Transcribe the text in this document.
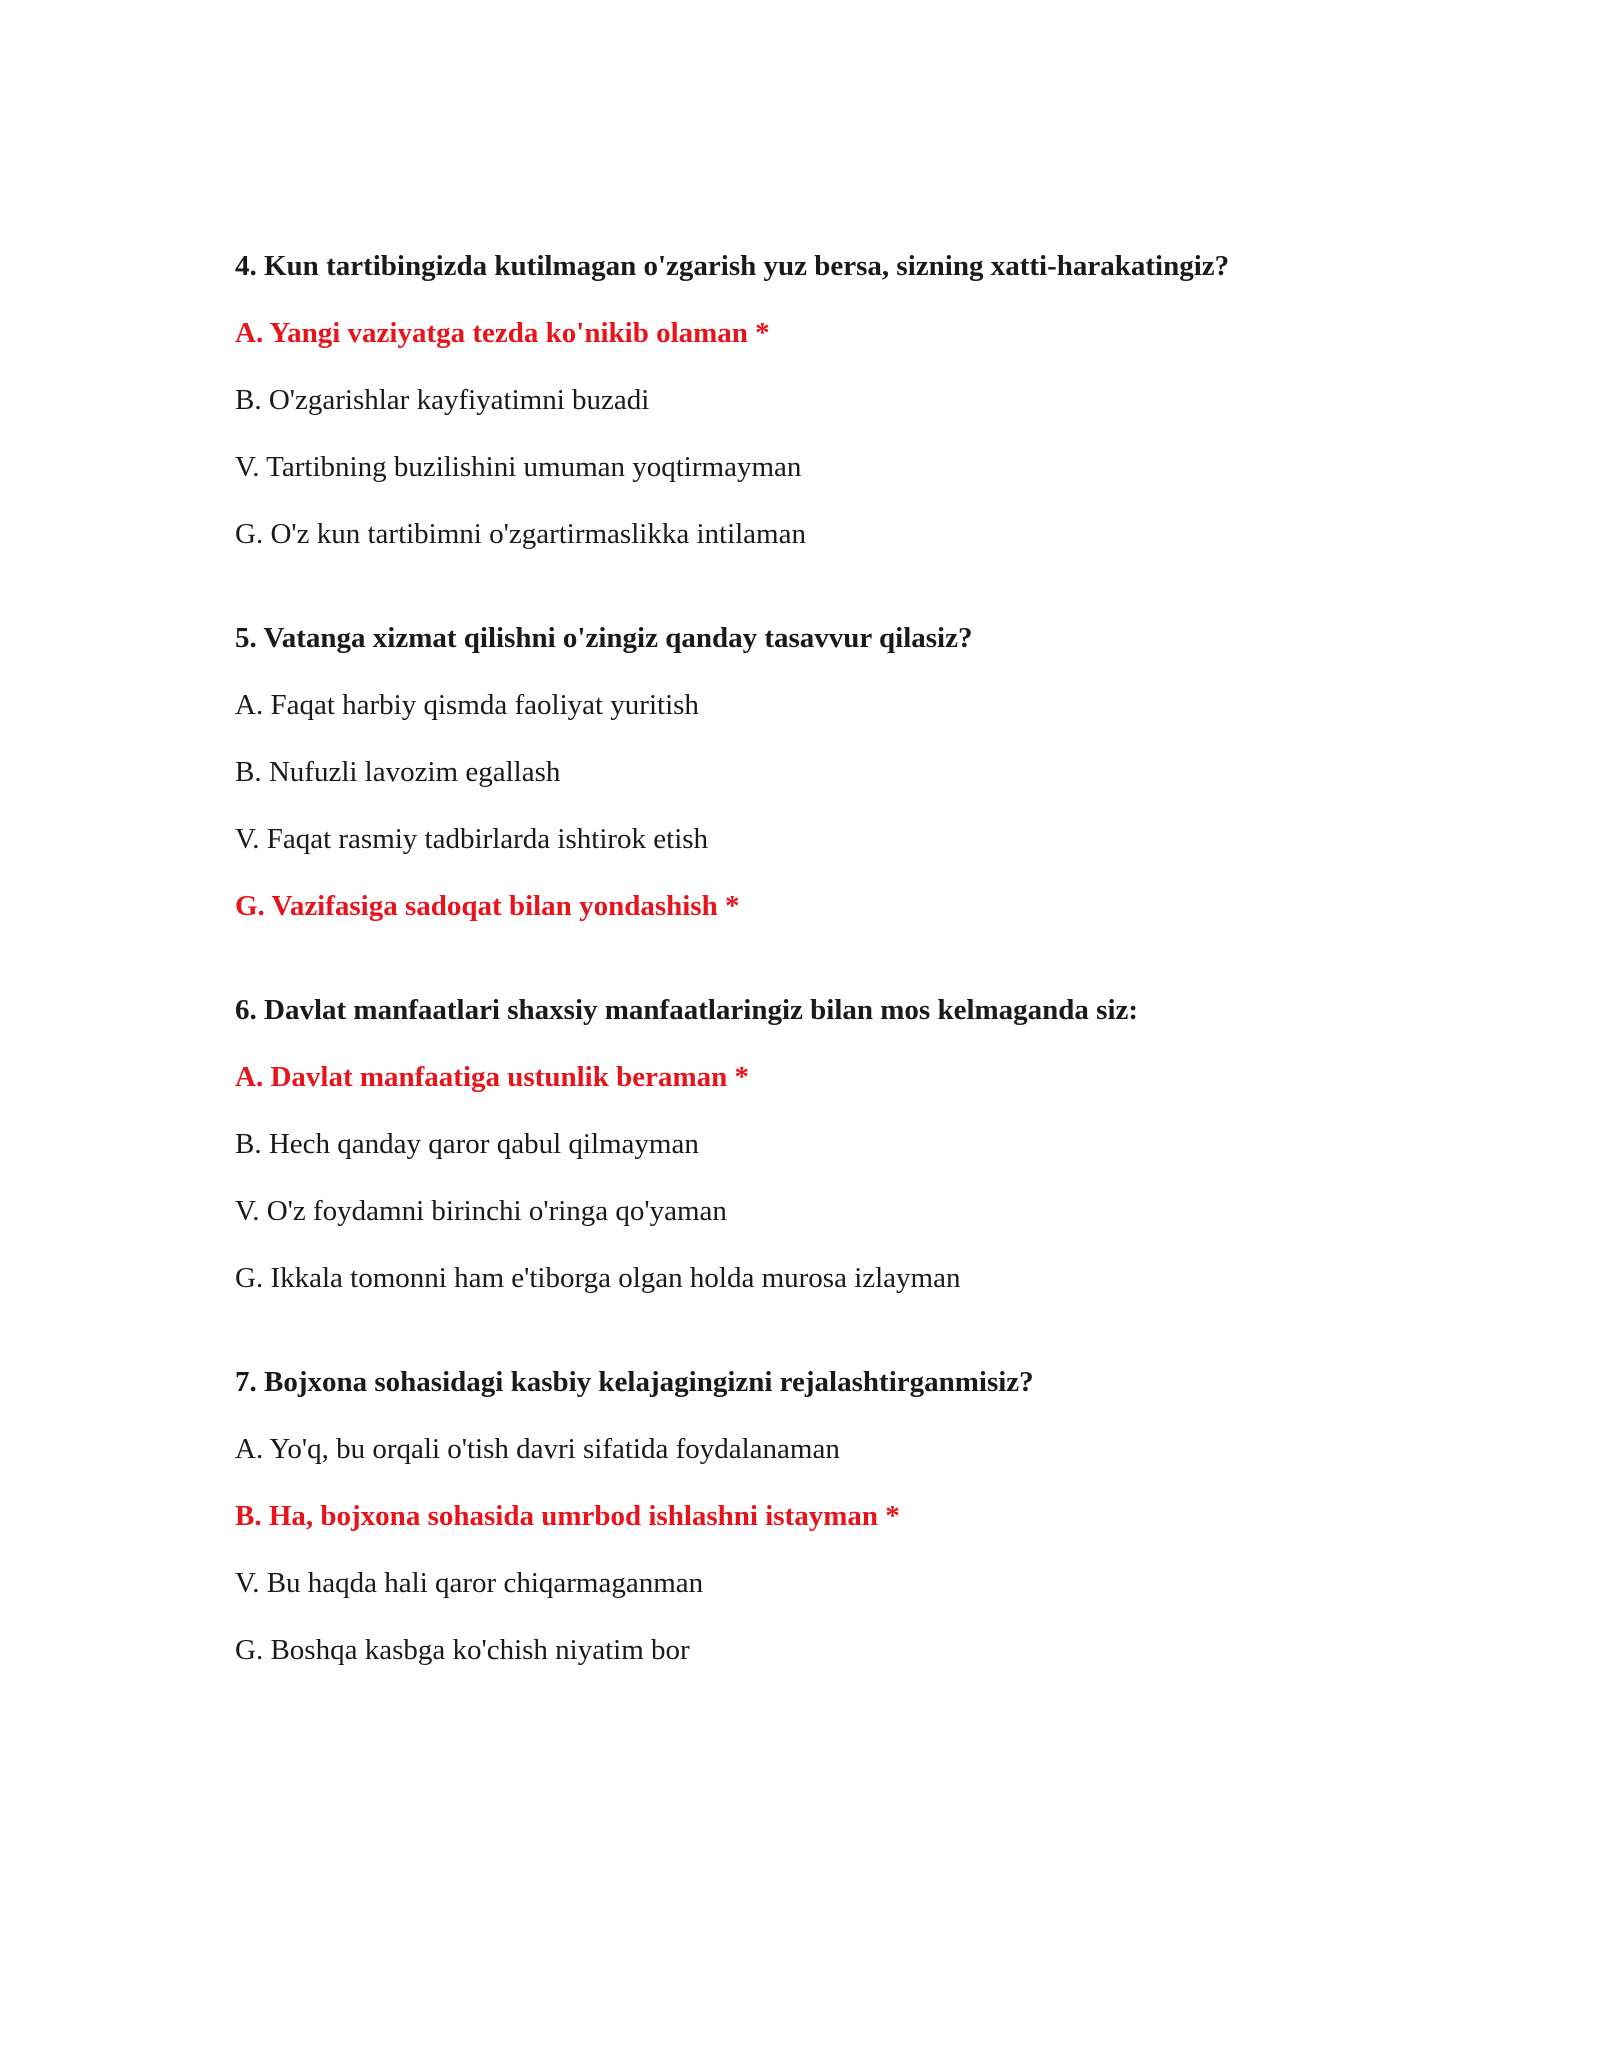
4. Kun tartibingizda kutilmagan o'zgarish yuz bersa, sizning xatti-harakatingiz?
A. Yangi vaziyatga tezda ko'nikib olaman *
B. O'zgarishlar kayfiyatimni buzadi
V. Tartibning buzilishini umuman yoqtirmayman
G. O'z kun tartibimni o'zgartirmaslikka intilaman
5. Vatanga xizmat qilishni o'zingiz qanday tasavvur qilasiz?
A. Faqat harbiy qismda faoliyat yuritish
B. Nufuzli lavozim egallash
V. Faqat rasmiy tadbirlarda ishtirok etish
G. Vazifasiga sadoqat bilan yondashish *
6. Davlat manfaatlari shaxsiy manfaatlaringiz bilan mos kelmaganda siz:
A. Davlat manfaatiga ustunlik beraman *
B. Hech qanday qaror qabul qilmayman
V. O'z foydamni birinchi o'ringa qo'yaman
G. Ikkala tomonni ham e'tiborga olgan holda murosa izlayman
7. Bojxona sohasidagi kasbiy kelajagingizni rejalashtirganmisiz?
A. Yo'q, bu orqali o'tish davri sifatida foydalanaman
B. Ha, bojxona sohasida umrbod ishlashni istayman *
V. Bu haqda hali qaror chiqarmaganman
G. Boshqa kasbga ko'chish niyatim bor
